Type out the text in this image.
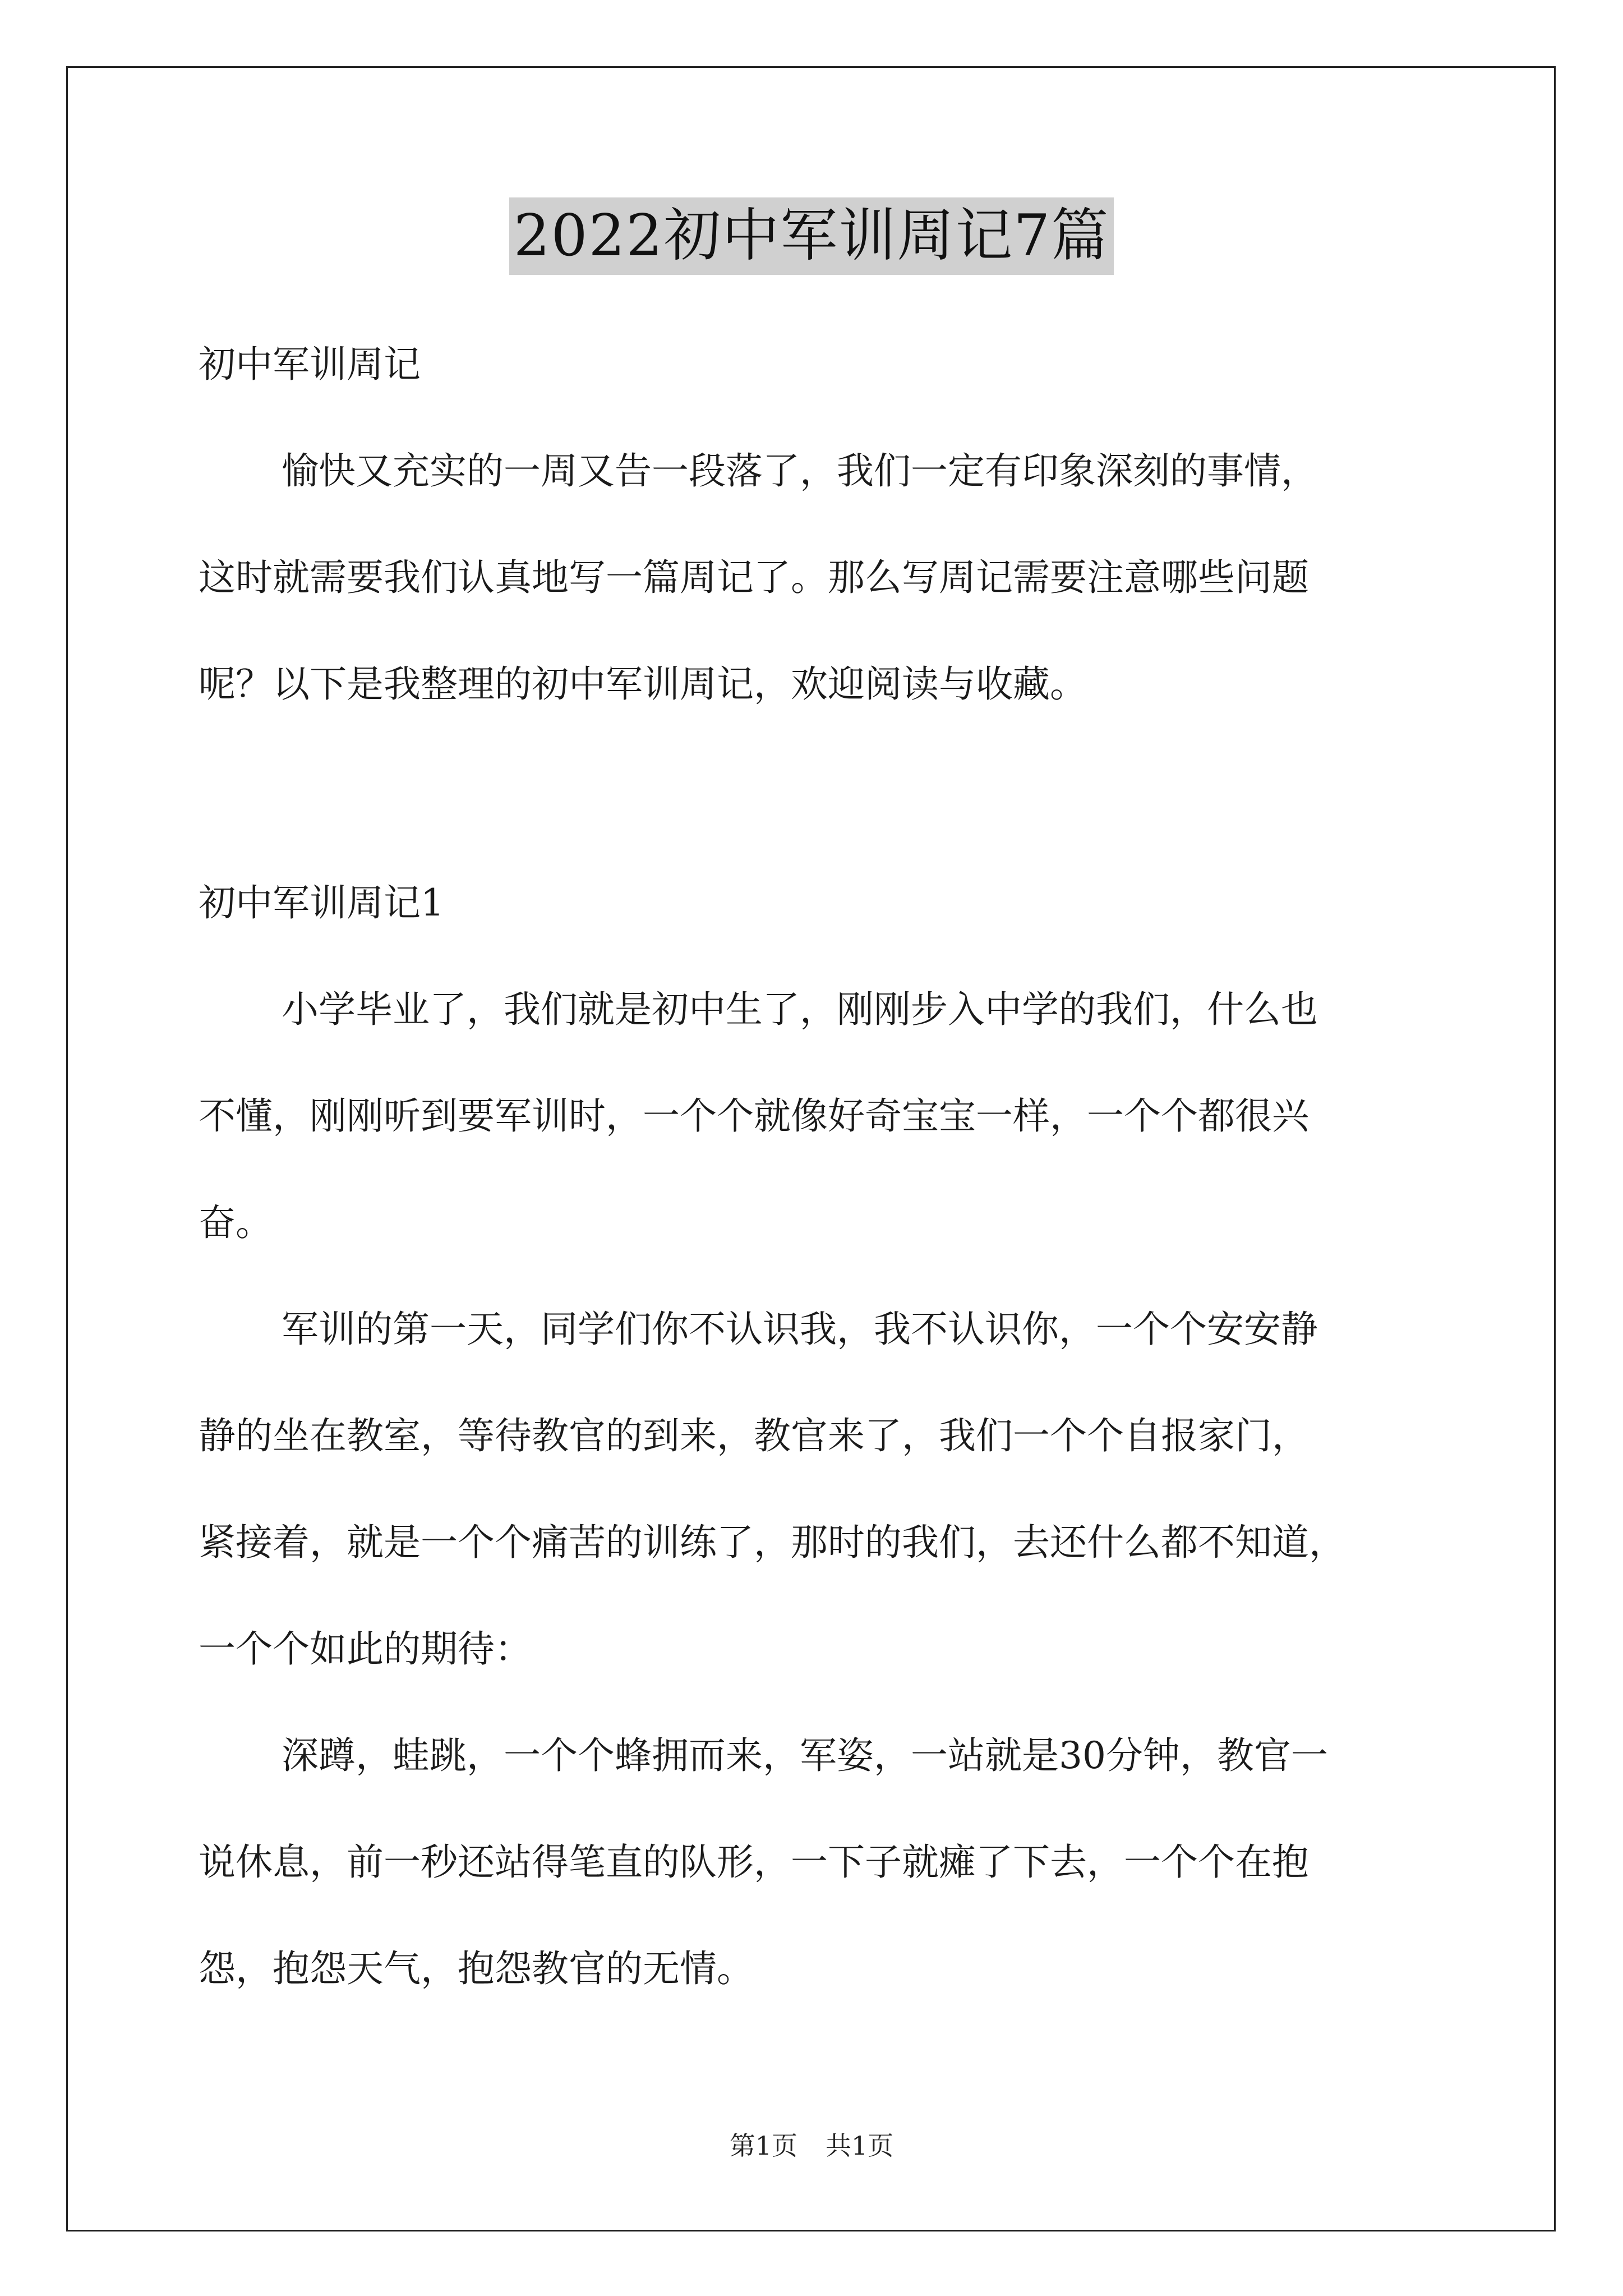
2022初中军训周记7篇
初中军训周记
愉快又充实的一周又告一段落了，我们一定有印象深刻的事情，
这时就需要我们认真地写一篇周记了。那么写周记需要注意哪些问题
呢？以下是我整理的初中军训周记，欢迎阅读与收藏。
初中军训周记1
小学毕业了，我们就是初中生了，刚刚步入中学的我们，什么也
不懂，刚刚听到要军训时，一个个就像好奇宝宝一样，一个个都很兴
奋。
军训的第一天，同学们你不认识我，我不认识你，一个个安安静
静的坐在教室，等待教官的到来，教官来了，我们一个个自报家门，
紧接着，就是一个个痛苦的训练了，那时的我们，去还什么都不知道，
一个个如此的期待：
深蹲，蛙跳，一个个蜂拥而来，军姿，一站就是30分钟，教官一
说休息，前一秒还站得笔直的队形，一下子就瘫了下去，一个个在抱
怨，抱怨天气，抱怨教官的无情。
第1页 共1页
